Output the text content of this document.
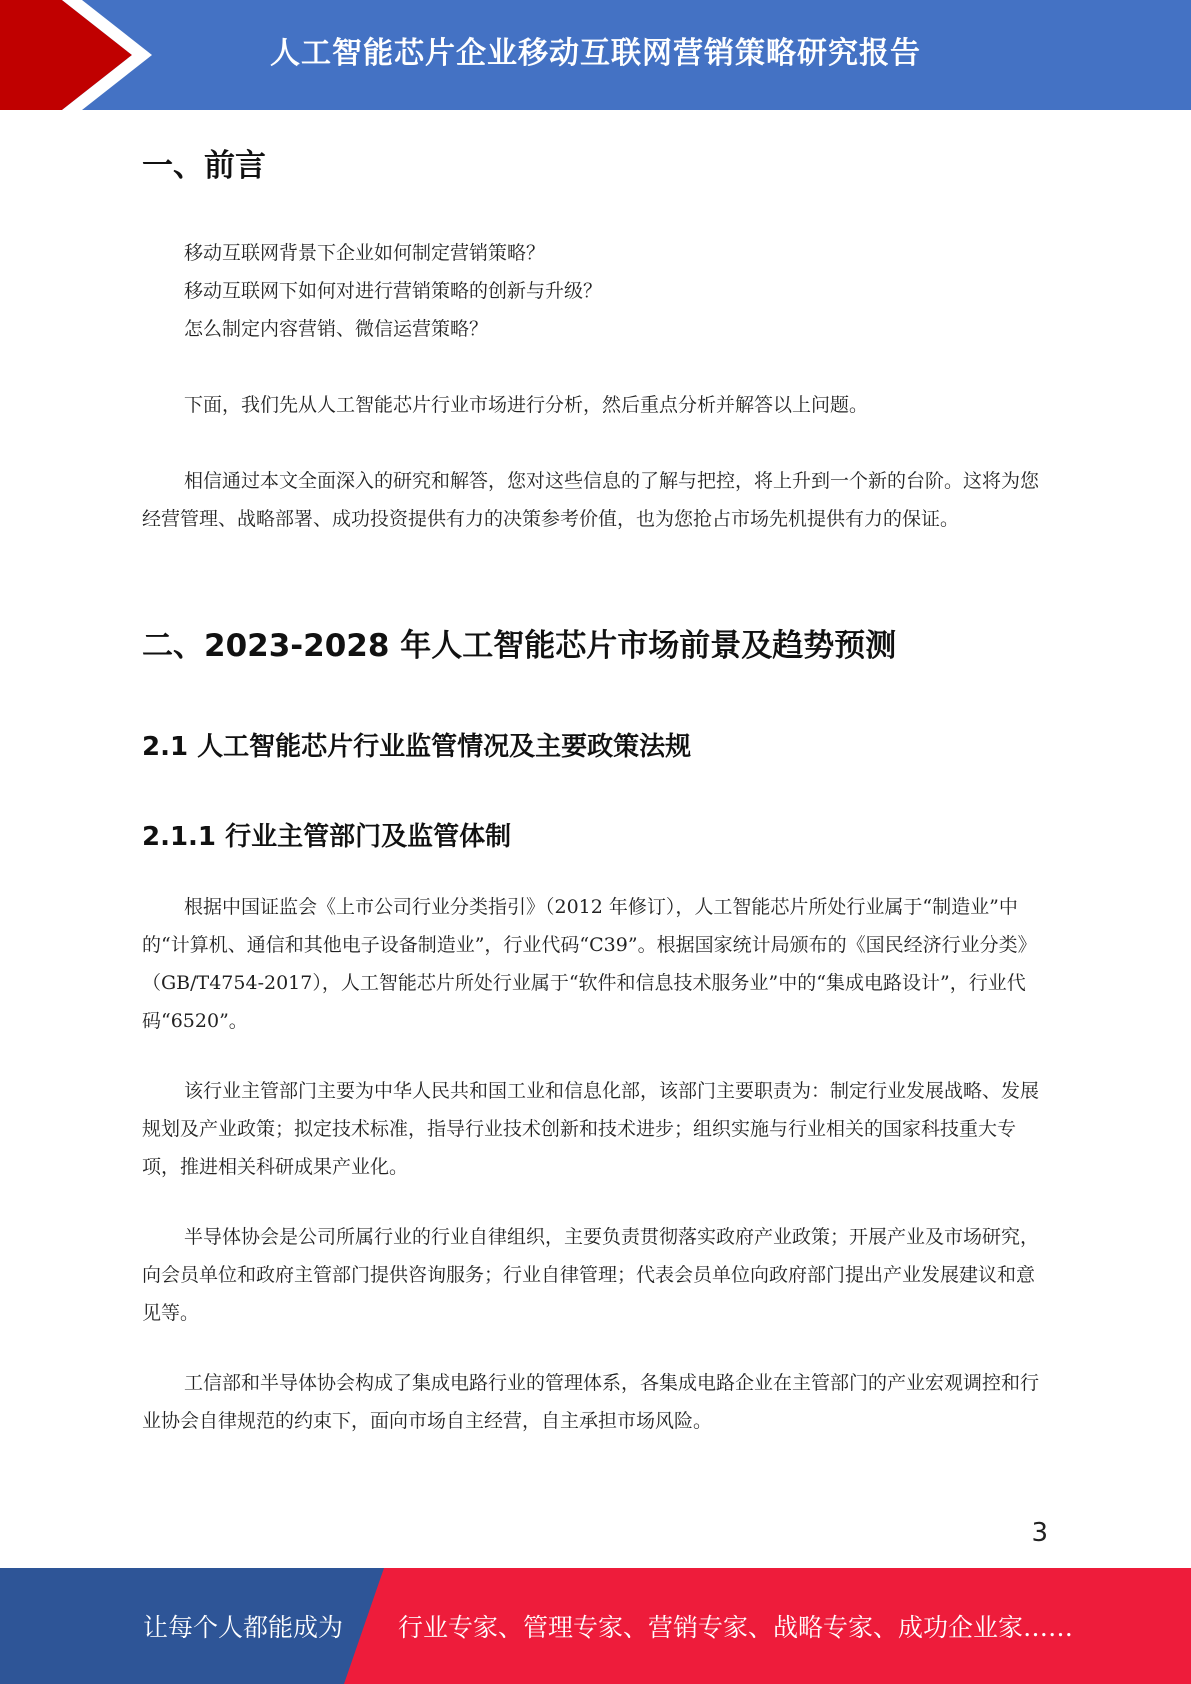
人工智能芯片企业移动互联网营销策略研究报告
一、前言

移动互联网背景下企业如何制定营销策略？

移动互联网下如何对进行营销策略的创新与升级？

怎么制定内容营销、微信运营策略？

下面，我们先从人工智能芯片行业市场进行分析，然后重点分析并解答以上问题。

相信通过本文全面深入的研究和解答，您对这些信息的了解与把控，将上升到一个新的台阶。这将为您经营管理、战略部署、成功投资提供有力的决策参考价值，也为您抢占市场先机提供有力的保证。

二、2023-2028 年人工智能芯片市场前景及趋势预测
2.1 人工智能芯片行业监管情况及主要政策法规
2.1.1 行业主管部门及监管体制

根据中国证监会《上市公司行业分类指引》（2012 年修订），人工智能芯片所处行业属于“制造业”中的“计算机、通信和其他电子设备制造业”，行业代码“C39”。根据国家统计局颁布的《国民经济行业分类》（GB/T4754-2017），人工智能芯片所处行业属于“软件和信息技术服务业”中的“集成电路设计”，行业代码“6520”。

该行业主管部门主要为中华人民共和国工业和信息化部，该部门主要职责为：制定行业发展战略、发展规划及产业政策；拟定技术标准，指导行业技术创新和技术进步；组织实施与行业相关的国家科技重大专项，推进相关科研成果产业化。

半导体协会是公司所属行业的行业自律组织，主要负责贯彻落实政府产业政策；开展产业及市场研究，向会员单位和政府主管部门提供咨询服务；行业自律管理；代表会员单位向政府部门提出产业发展建议和意见等。

工信部和半导体协会构成了集成电路行业的管理体系，各集成电路企业在主管部门的产业宏观调控和行业协会自律规范的约束下，面向市场自主经营，自主承担市场风险。

3
让每个人都能成为 行业专家、管理专家、营销专家、战略专家、成功企业家……
